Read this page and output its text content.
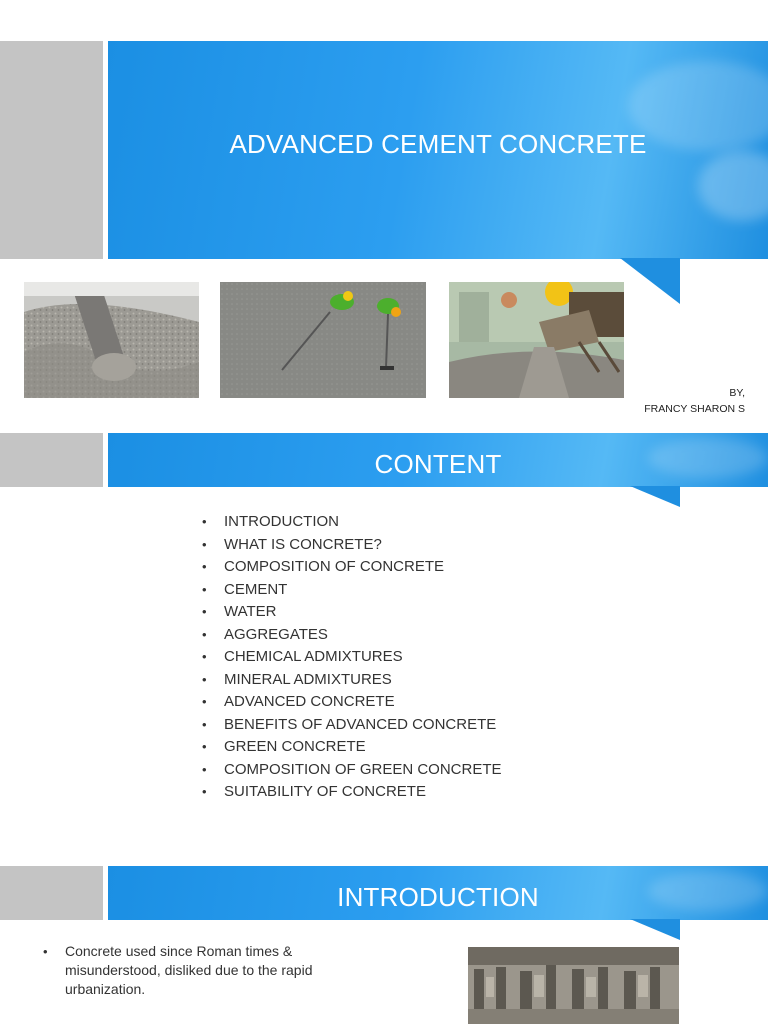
ADVANCED CEMENT CONCRETE
BY,
FRANCY SHARON S
CONTENT
• INTRODUCTION
• WHAT IS CONCRETE?
• COMPOSITION OF CONCRETE
• CEMENT
• WATER
• AGGREGATES
• CHEMICAL ADMIXTURES
• MINERAL ADMIXTURES
• ADVANCED CONCRETE
• BENEFITS OF ADVANCED CONCRETE
• GREEN CONCRETE
• COMPOSITION OF GREEN CONCRETE
• SUITABILITY OF CONCRETE
INTRODUCTION
•	Concrete used since Roman times & misunderstood, disliked due to the rapid urbanization.
